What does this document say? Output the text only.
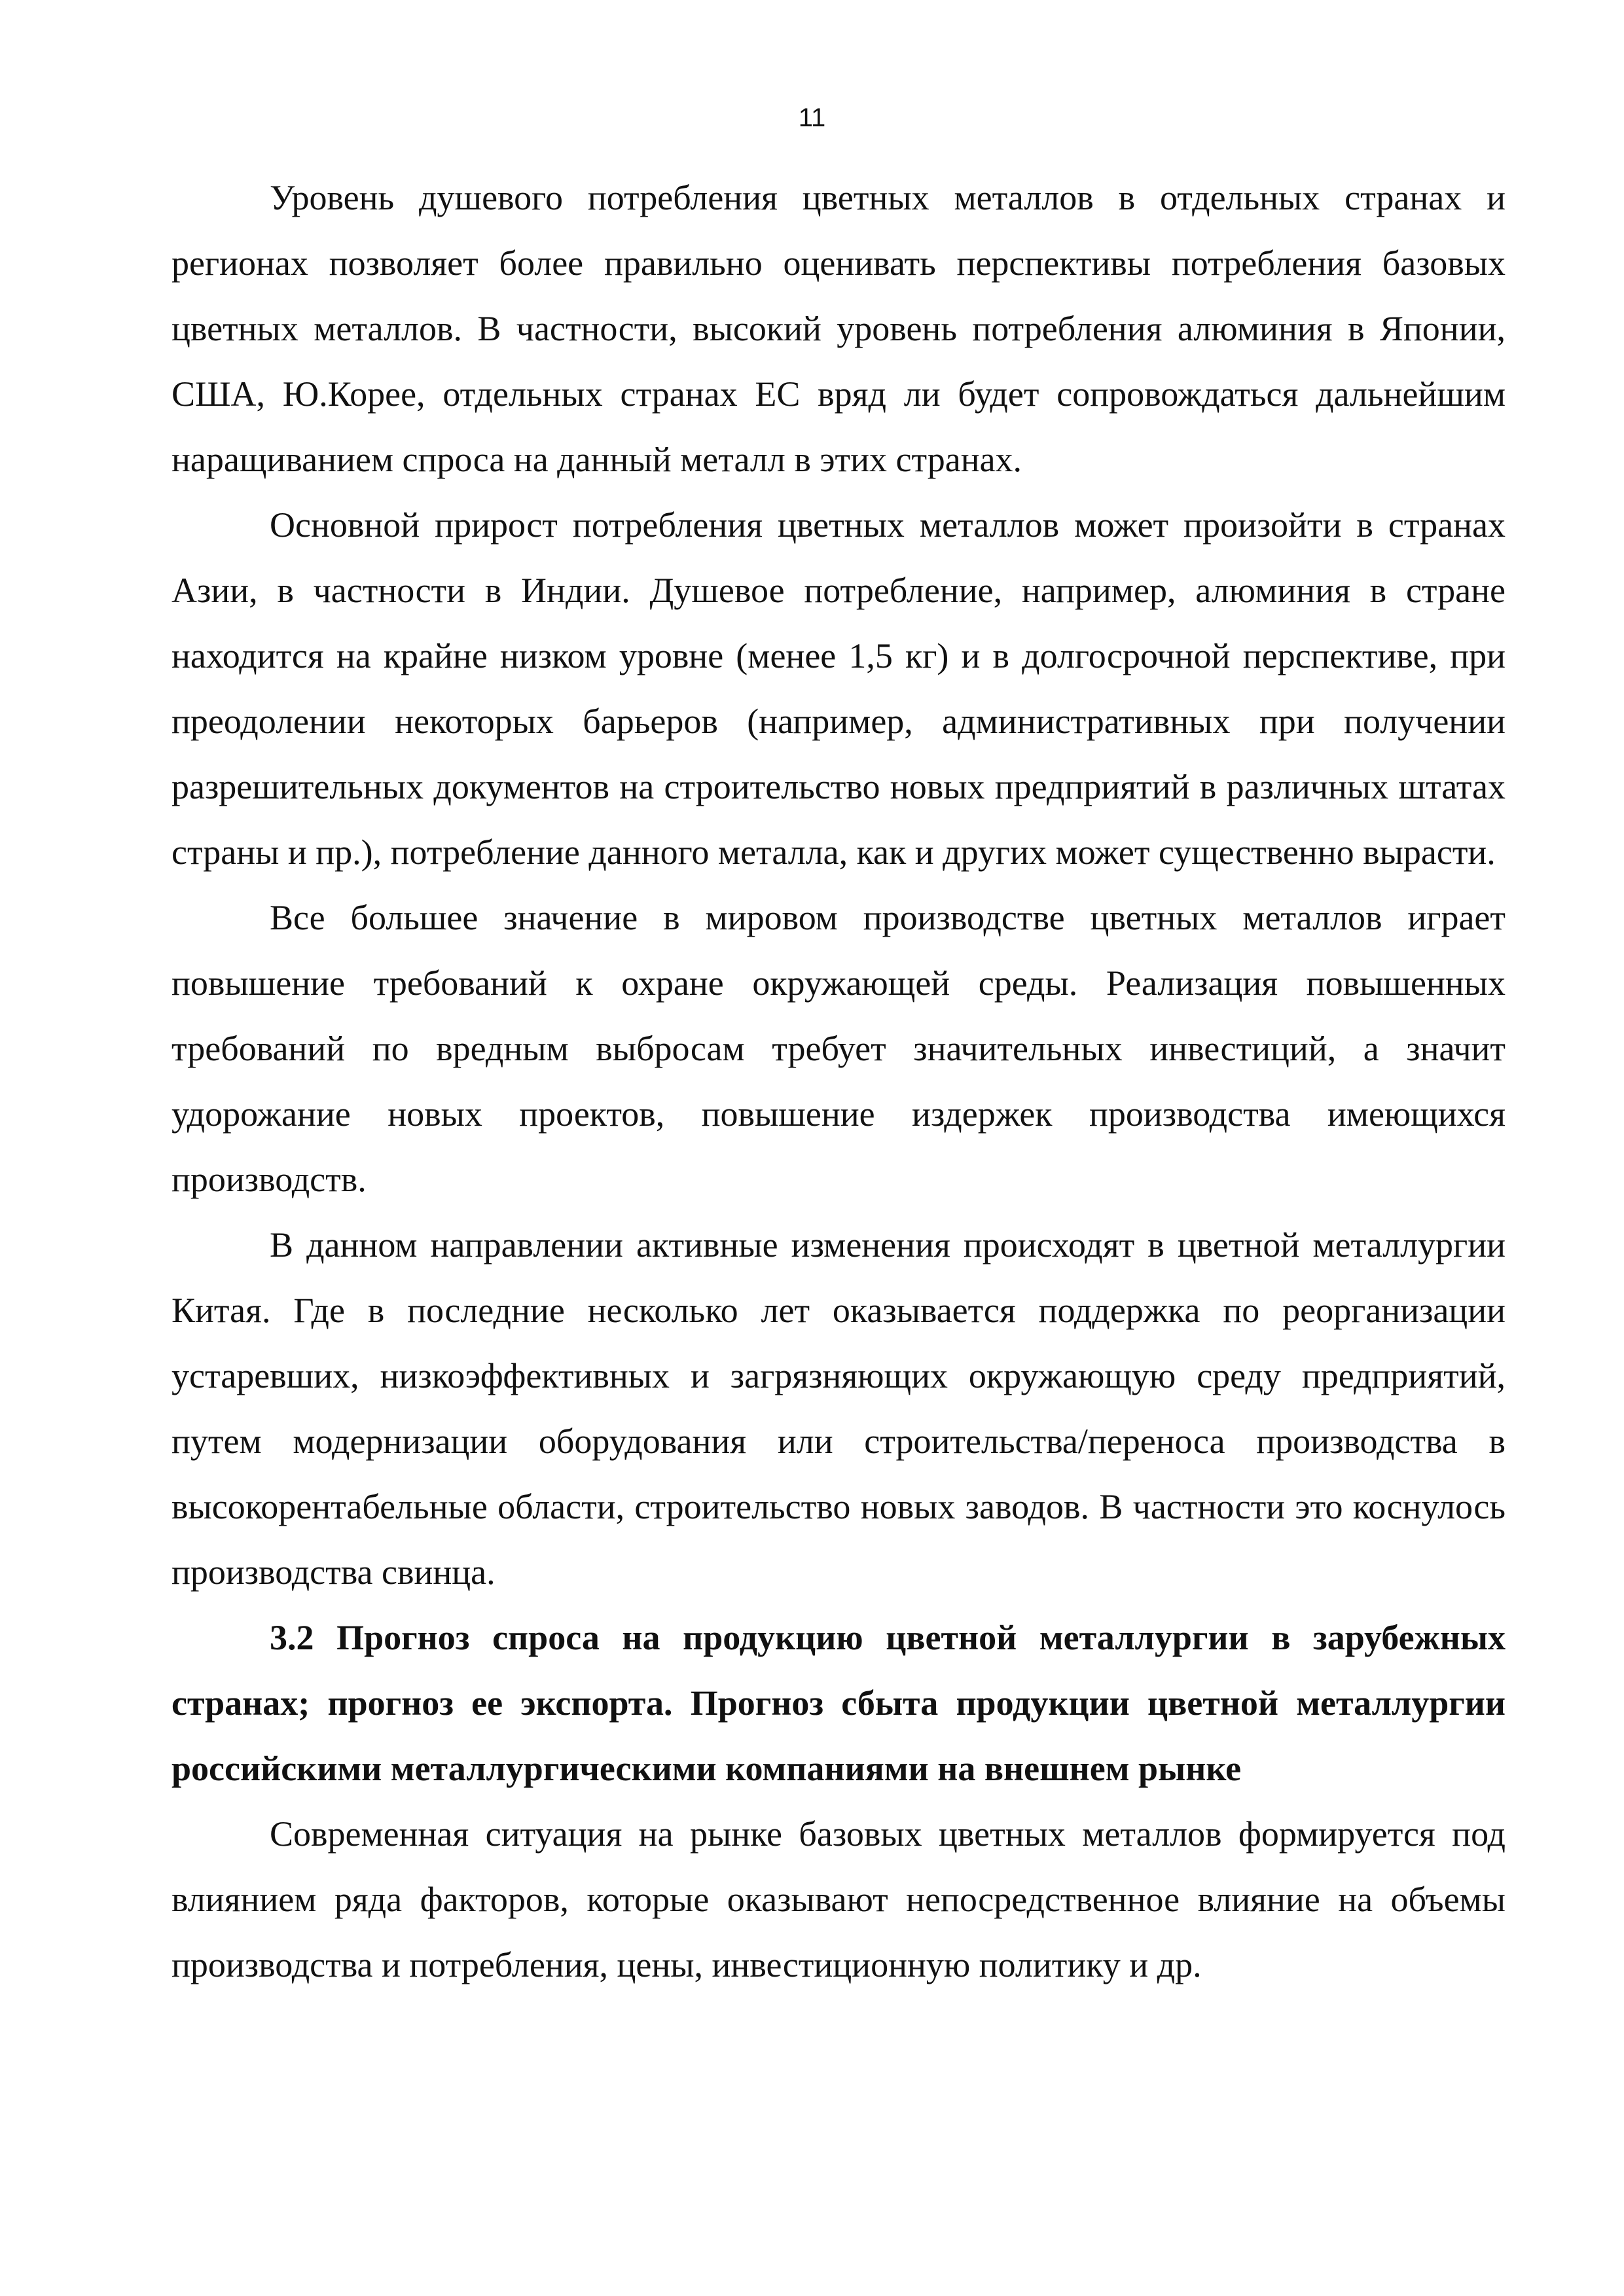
11

Уровень душевого потребления цветных металлов в отдельных странах и регионах позволяет более правильно оценивать перспективы потребления базовых цветных металлов. В частности, высокий уровень потребления алюминия в Японии, США, Ю.Корее, отдельных странах ЕС вряд ли будет сопровождаться дальнейшим наращиванием спроса на данный металл в этих странах.

Основной прирост потребления цветных металлов может произойти в странах Азии, в частности в Индии. Душевое потребление, например, алюминия в стране находится на крайне низком уровне (менее 1,5 кг) и в долгосрочной перспективе, при преодолении некоторых барьеров (например, административных при получении разрешительных документов на строительство новых предприятий в различных штатах страны и пр.), потребление данного металла, как и других может существенно вырасти.

Все большее значение в мировом производстве цветных металлов играет повышение требований к охране окружающей среды. Реализация повышенных требований по вредным выбросам требует значительных инвестиций, а значит удорожание новых проектов, повышение издержек производства имеющихся производств.

В данном направлении активные изменения происходят в цветной металлургии Китая. Где в последние несколько лет оказывается поддержка по реорганизации устаревших, низкоэффективных и загрязняющих окружающую среду предприятий, путем модернизации оборудования или строительства/переноса производства в высокорентабельные области, строительство новых заводов. В частности это коснулось производства свинца.

3.2 Прогноз спроса на продукцию цветной металлургии в зарубежных странах; прогноз ее экспорта. Прогноз сбыта продукции цветной металлургии российскими металлургическими компаниями на внешнем рынке

Современная ситуация на рынке базовых цветных металлов формируется под влиянием ряда факторов, которые оказывают непосредственное влияние на объемы производства и потребления, цены, инвестиционную политику и др.
